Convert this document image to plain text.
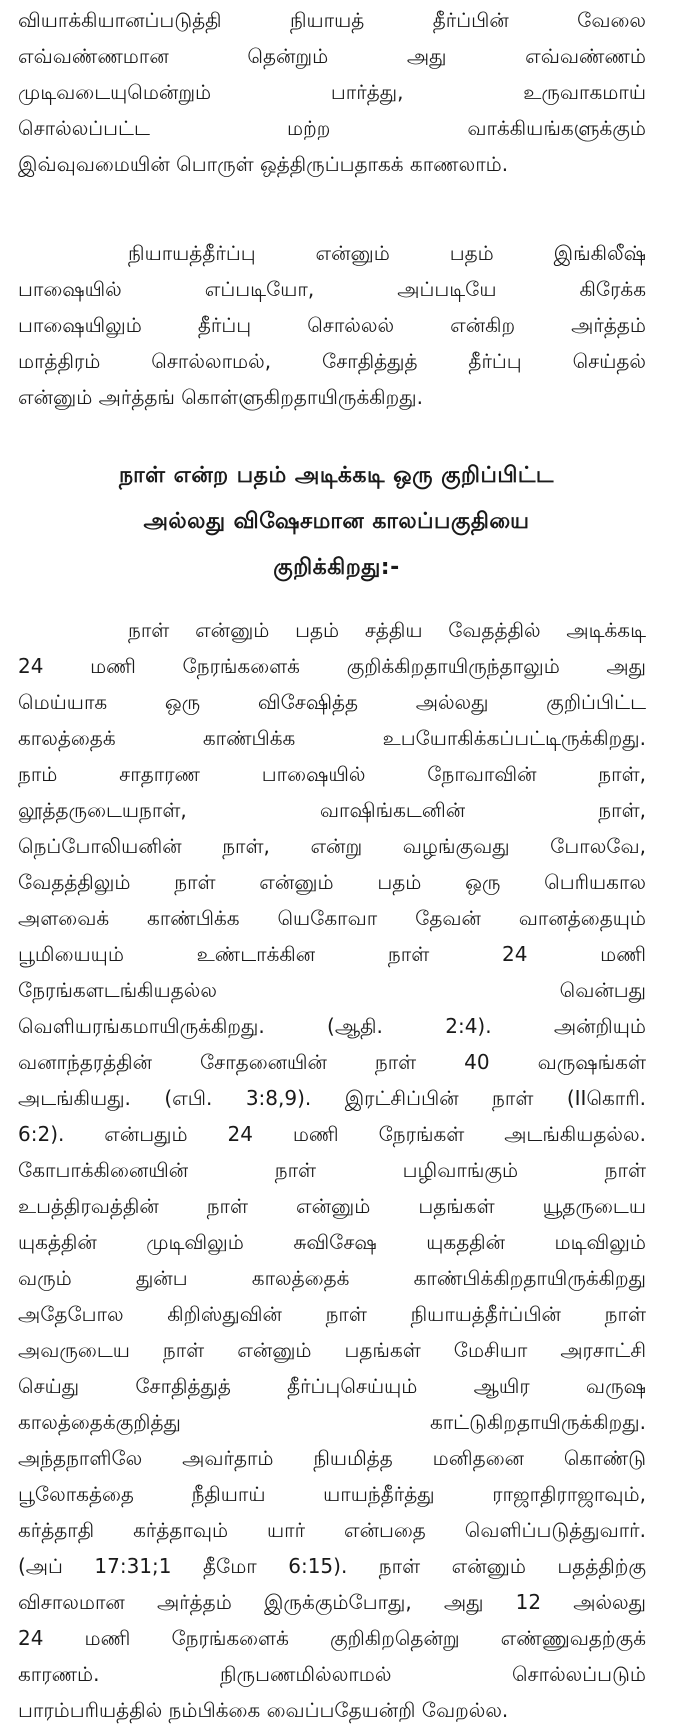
வியாக்கியானப்படுத்தி நியாயத் தீர்ப்பின் வேலை
எவ்வண்ணமான தென்றும் அது எவ்வண்ணம்
முடிவடையுமென்றும் பார்த்து, உருவாகமாய்
சொல்லப்பட்ட மற்ற வாக்கியங்களுக்கும்
இவ்வுவமையின் பொருள் ஒத்திருப்பதாகக் காணலாம்.
நியாயத்தீர்ப்பு என்னும் பதம் இங்கிலீஷ்
பாஷையில் எப்படியோ, அப்படியே கிரேக்க
பாஷையிலும் தீர்ப்பு சொல்லல் என்கிற அர்த்தம்
மாத்திரம் சொல்லாமல், சோதித்துத் தீர்ப்பு செய்தல்
என்னும் அர்த்தங் கொள்ளுகிறதாயிருக்கிறது.
நாள் என்ற பதம் அடிக்கடி ஒரு குறிப்பிட்ட
அல்லது விஷேசமான காலப்பகுதியை
குறிக்கிறது:-
நாள் என்னும் பதம் சத்திய வேதத்தில் அடிக்கடி
24 மணி நேரங்களைக் குறிக்கிறதாயிருந்தாலும் அது
மெய்யாக ஒரு விசேஷித்த அல்லது குறிப்பிட்ட
காலத்தைக் காண்பிக்க உபயோகிக்கப்பட்டிருக்கிறது.
நாம் சாதாரண பாஷையில் நோவாவின் நாள்,
லூத்தருடையநாள், வாஷிங்கடனின் நாள்,
நெப்போலியனின் நாள், என்று வழங்குவது போலவே,
வேதத்திலும் நாள் என்னும் பதம் ஒரு பெரியகால
அளவைக் காண்பிக்க யெகோவா தேவன் வானத்தையும்
பூமியையும் உண்டாக்கின நாள் 24 மணி
நேரங்களடங்கியதல்ல வென்பது
வெளியரங்கமாயிருக்கிறது. (ஆதி. 2:4). அன்றியும்
வனாந்தரத்தின் சோதனையின் நாள் 40 வருஷங்கள்
அடங்கியது. (எபி. 3:8,9). இரட்சிப்பின் நாள் (IIகொரி.
6:2). என்பதும் 24 மணி நேரங்கள் அடங்கியதல்ல.
கோபாக்கினையின் நாள் பழிவாங்கும் நாள்
உபத்திரவத்தின் நாள் என்னும் பதங்கள் யூதருடைய
யுகத்தின் முடிவிலும் சுவிசேஷ யுகததின் மடிவிலும்
வரும் துன்ப காலத்தைக் காண்பிக்கிறதாயிருக்கிறது
அதேபோல கிறிஸ்துவின் நாள் நியாயத்தீர்ப்பின் நாள்
அவருடைய நாள் என்னும் பதங்கள் மேசியா அரசாட்சி
செய்து சோதித்துத் தீர்ப்புசெய்யும் ஆயிர வருஷ
காலத்தைக்குறித்து காட்டுகிறதாயிருக்கிறது.
அந்தநாளிலே அவர்தாம் நியமித்த மனிதனை கொண்டு
பூலோகத்தை நீதியாய் யாயந்தீர்த்து ராஜாதிராஜாவும்,
கர்த்தாதி கர்த்தாவும் யார் என்பதை வெளிப்படுத்துவார்.
(அப் 17:31;1 தீமோ 6:15). நாள் என்னும் பதத்திற்கு
விசாலமான அர்த்தம் இருக்கும்போது, அது 12 அல்லது
24 மணி நேரங்களைக் குறிகிறதென்று எண்ணுவதற்குக்
காரணம். நிருபணமில்லாமல் சொல்லப்படும்
பாரம்பரியத்தில் நம்பிக்கை வைப்பதேயன்றி வேறல்ல.
